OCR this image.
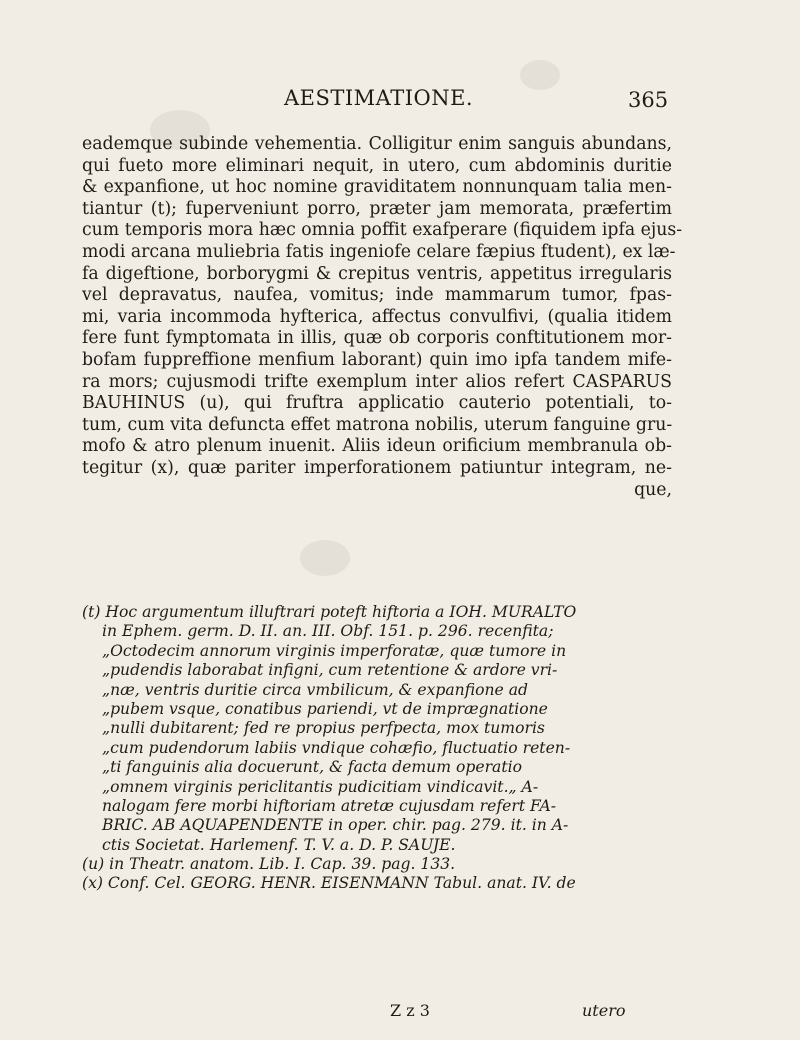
AESTIMATIONE.	365
eademque subinde vehementia. Colligitur enim sanguis abundans,
qui fueto more eliminari nequit, in utero, cum abdominis duritie
& expanfione, ut hoc nomine graviditatem nonnunquam talia men-
tiantur (t); fuperveniunt porro, præter jam memorata, præfertim
cum temporis mora hæc omnia poffit exafperare (fiquidem ipfa ejus-
modi arcana muliebria fatis ingeniofe celare fæpius ftudent), ex læ-
fa digeftione, borborygmi & crepitus ventris, appetitus irregularis
vel depravatus, naufea, vomitus; inde mammarum tumor, fpas-
mi, varia incommoda hyfterica, affectus convulfivi, (qualia itidem
fere funt fymptomata in illis, quæ ob corporis conftitutionem mor-
bofam fuppreffione menfium laborant) quin imo ipfa tandem mife-
ra mors; cujusmodi trifte exemplum inter alios refert CASPARUS
BAUHINUS (u), qui fruftra applicatio cauterio potentiali, to-
tum, cum vita defuncta effet matrona nobilis, uterum fanguine gru-
mofo & atro plenum inuenit. Aliis ideun orificium membranula ob-
tegitur (x), quæ pariter imperforationem patiuntur integram, ne-
que,
(t) Hoc argumentum illuftrari poteft hiftoria a IOH. MURALTO
in Ephem. germ. D. II. an. III. Obf. 151. p. 296. recenfita;
„Octodecim annorum virginis imperforatæ, quæ tumore in
„pudendis laborabat infigni, cum retentione & ardore vri-
„næ, ventris duritie circa vmbilicum, & expanfione ad
„pubem vsque, conatibus pariendi, vt de imprægnatione
„nulli dubitarent; fed re propius perfpecta, mox tumoris
„cum pudendorum labiis vndique cohæfio, fluctuatio reten-
„ti fanguinis alia docuerunt, & facta demum operatio
„omnem virginis periclitantis pudicitiam vindicavit.„ A-
nalogam fere morbi hiftoriam atretæ cujusdam refert FA-
BRIC. AB AQUAPENDENTE in oper. chir. pag. 279. it. in A-
ctis Societat. Harlemenf. T. V. a. D. P. SAUJE.
(u) in Theatr. anatom. Lib. I. Cap. 39. pag. 133.
(x) Conf. Cel. GEORG. HENR. EISENMANN Tabul. anat. IV. de
Z z 3	utero
